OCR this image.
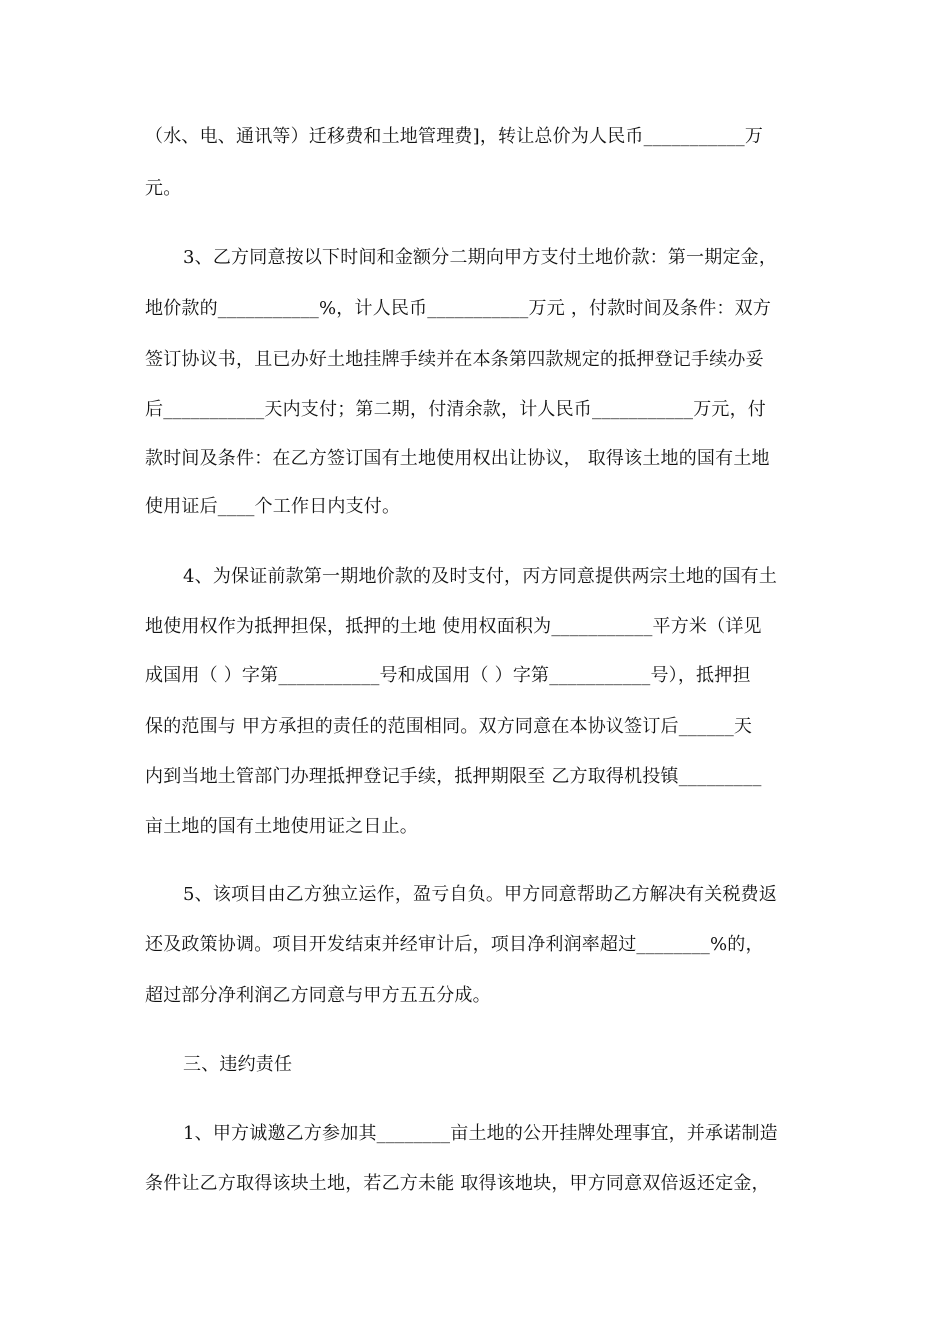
（水、电、通讯等）迁移费和土地管理费]，转让总价为人民币___________万
元。
3、乙方同意按以下时间和金额分二期向甲方支付土地价款：第一期定金，
地价款的___________%，计人民币___________万元 ，付款时间及条件：双方
签订协议书，且已办好土地挂牌手续并在本条第四款规定的抵押登记手续办妥
后___________天内支付；第二期，付清余款，计人民币___________万元，付
款时间及条件：在乙方签订国有土地使用权出让协议， 取得该土地的国有土地
使用证后____个工作日内支付。
4、为保证前款第一期地价款的及时支付，丙方同意提供两宗土地的国有土
地使用权作为抵押担保，抵押的土地 使用权面积为___________平方米（详见
成国用（ ）字第___________号和成国用（ ）字第___________号），抵押担
保的范围与 甲方承担的责任的范围相同。双方同意在本协议签订后______天
内到当地土管部门办理抵押登记手续，抵押期限至 乙方取得机投镇_________
亩土地的国有土地使用证之日止。
5、该项目由乙方独立运作，盈亏自负。甲方同意帮助乙方解决有关税费返
还及政策协调。项目开发结束并经审计后，项目净利润率超过________%的，
超过部分净利润乙方同意与甲方五五分成。
三、违约责任
1、甲方诚邀乙方参加其________亩土地的公开挂牌处理事宜，并承诺制造
条件让乙方取得该块土地，若乙方未能 取得该地块，甲方同意双倍返还定金，
